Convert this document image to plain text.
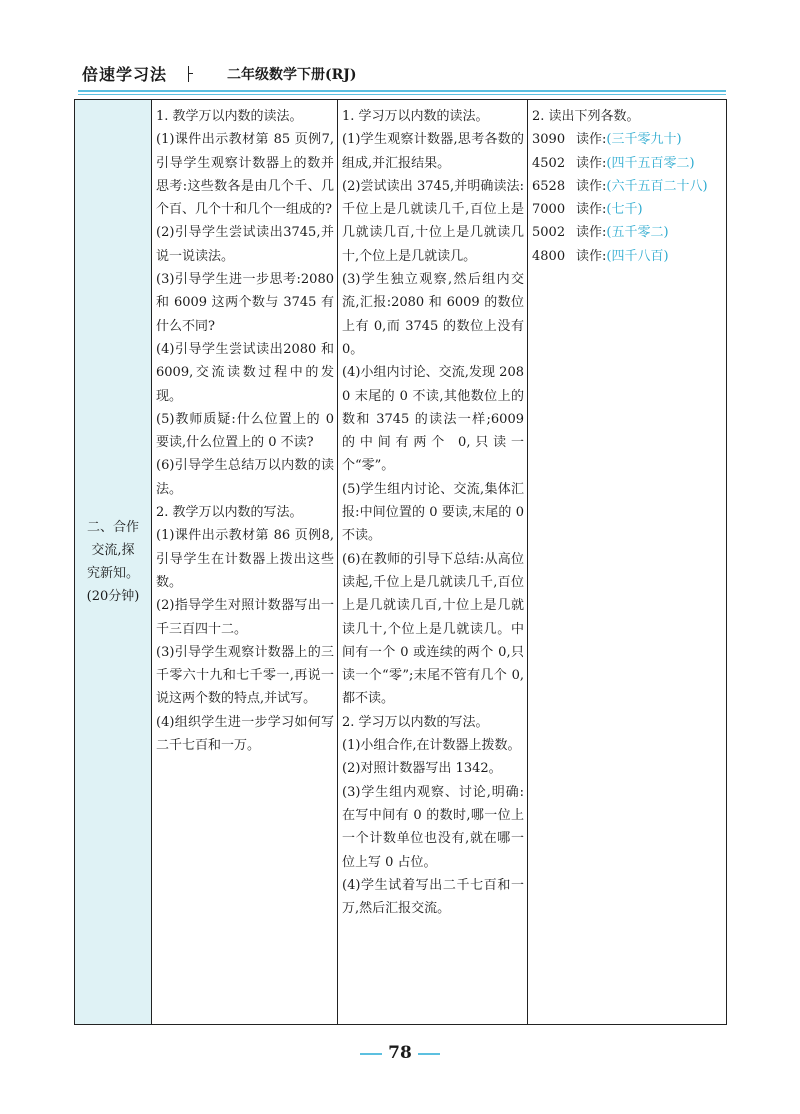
倍速学习法	二年级数学下册(RJ)
二、合作
交流,探
究新知。
(20分钟)

1. 教学万以内数的读法。
(1)课件出示教材第 85 页例7,引导学生观察计数器上的数并思考:这些数各是由几个千、几个百、几个十和几个一组成的?
(2)引导学生尝试读出3745,并说一说读法。
(3)引导学生进一步思考:2080 和 6009 这两个数与 3745 有什么不同?
(4)引导学生尝试读出2080 和 6009,交流读数过程中的发现。
(5)教师质疑:什么位置上的 0 要读,什么位置上的 0 不读?
(6)引导学生总结万以内数的读法。
2. 教学万以内数的写法。
(1)课件出示教材第 86 页例8,引导学生在计数器上拨出这些数。
(2)指导学生对照计数器写出一千三百四十二。
(3)引导学生观察计数器上的三千零六十九和七千零一,再说一说这两个数的特点,并试写。
(4)组织学生进一步学习如何写二千七百和一万。

1. 学习万以内数的读法。
(1)学生观察计数器,思考各数的组成,并汇报结果。
(2)尝试读出 3745,并明确读法:千位上是几就读几千,百位上是几就读几百,十位上是几就读几十,个位上是几就读几。
(3)学生独立观察,然后组内交流,汇报:2080 和 6009 的数位上有 0,而 3745 的数位上没有 0。
(4)小组内讨论、交流,发现 2080 末尾的 0 不读,其他数位上的数和 3745 的读法一样;6009 的中间有两个 0,只读一个“零”。
(5)学生组内讨论、交流,集体汇报:中间位置的 0 要读,末尾的 0 不读。
(6)在教师的引导下总结:从高位读起,千位上是几就读几千,百位上是几就读几百,十位上是几就读几十,个位上是几就读几。中间有一个 0 或连续的两个 0,只读一个“零”;末尾不管有几个 0,都不读。
2. 学习万以内数的写法。
(1)小组合作,在计数器上拨数。
(2)对照计数器写出 1342。
(3)学生组内观察、讨论,明确:在写中间有 0 的数时,哪一位上一个计数单位也没有,就在哪一位上写 0 占位。
(4)学生试着写出二千七百和一万,然后汇报交流。

2. 读出下列各数。
3090 读作:(三千零九十)
4502 读作:(四千五百零二)
6528 读作:(六千五百二十八)
7000 读作:(七千)
5002 读作:(五千零二)
4800 读作:(四千八百)
78
